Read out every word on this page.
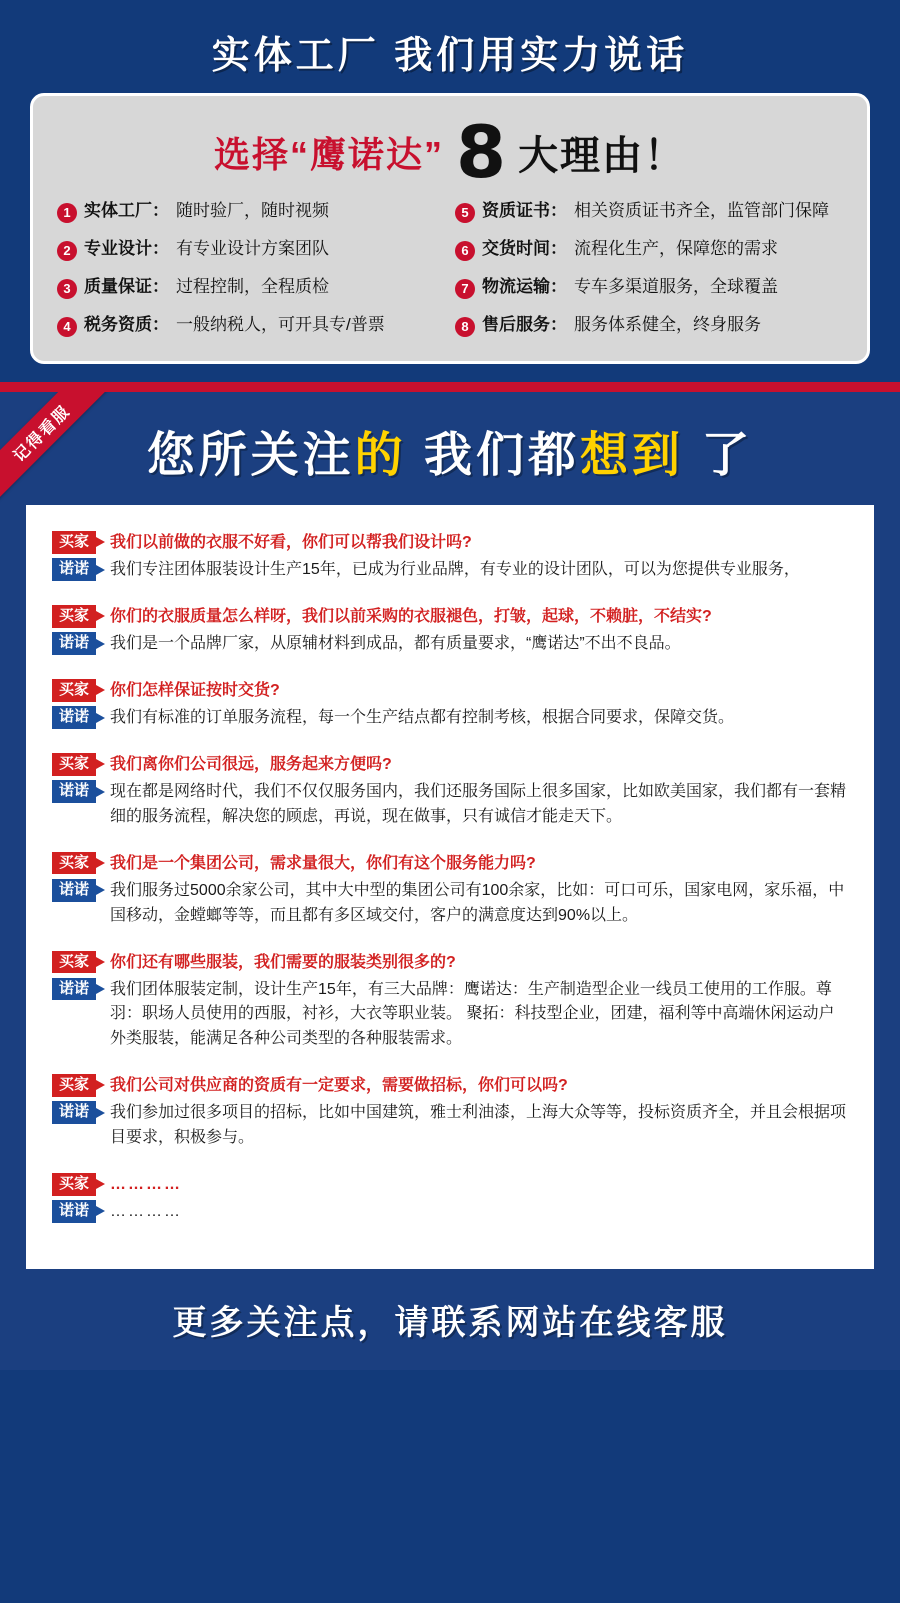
实体工厂 我们用实力说话
选择“鹰诺达” 8 大理由！
1 实体工厂： 随时验厂，随时视频	5 资质证书： 相关资质证书齐全，监管部门保障
2 专业设计： 有专业设计方案团队	6 交货时间： 流程化生产，保障您的需求
3 质量保证： 过程控制，全程质检	7 物流运输： 专车多渠道服务，全球覆盖
4 税务资质： 一般纳税人，可开具专/普票	8 售后服务： 服务体系健全，终身服务
记得看服	您所关注的 我们都想到 了
买家	我们以前做的衣服不好看，你们可以帮我们设计吗?
诺诺	我们专注团体服装设计生产15年，已成为行业品牌，有专业的设计团队，可以为您提供专业服务，
买家	你们的衣服质量怎么样呀，我们以前采购的衣服褪色，打皱，起球，不赖脏，不结实?
诺诺	我们是一个品牌厂家，从原辅材料到成品，都有质量要求，“鹰诺达”不出不良品。
买家	你们怎样保证按时交货?
诺诺	我们有标准的订单服务流程，每一个生产结点都有控制考核，根据合同要求，保障交货。
买家	我们离你们公司很远，服务起来方便吗?
诺诺	现在都是网络时代，我们不仅仅服务国内，我们还服务国际上很多国家，比如欧美国家，我们都有一套精细的服务流程，解决您的顾虑，再说，现在做事，只有诚信才能走天下。
买家	我们是一个集团公司，需求量很大，你们有这个服务能力吗?
诺诺	我们服务过5000余家公司，其中大中型的集团公司有100余家，比如：可口可乐，国家电网，家乐福，中国移动，金螳螂等等，而且都有多区域交付，客户的满意度达到90%以上。
买家	你们还有哪些服装，我们需要的服装类别很多的?
诺诺	我们团体服装定制，设计生产15年，有三大品牌：鹰诺达：生产制造型企业一线员工使用的工作服。尊羽：职场人员使用的西服，衬衫，大衣等职业装。 聚拓：科技型企业，团建，福利等中高端休闲运动户外类服装，能满足各种公司类型的各种服装需求。
买家	我们公司对供应商的资质有一定要求，需要做招标，你们可以吗?
诺诺	我们参加过很多项目的招标，比如中国建筑，雅士利油漆，上海大众等等，投标资质齐全，并且会根据项目要求，积极参与。
买家	…………
诺诺	…………
更多关注点，请联系网站在线客服
